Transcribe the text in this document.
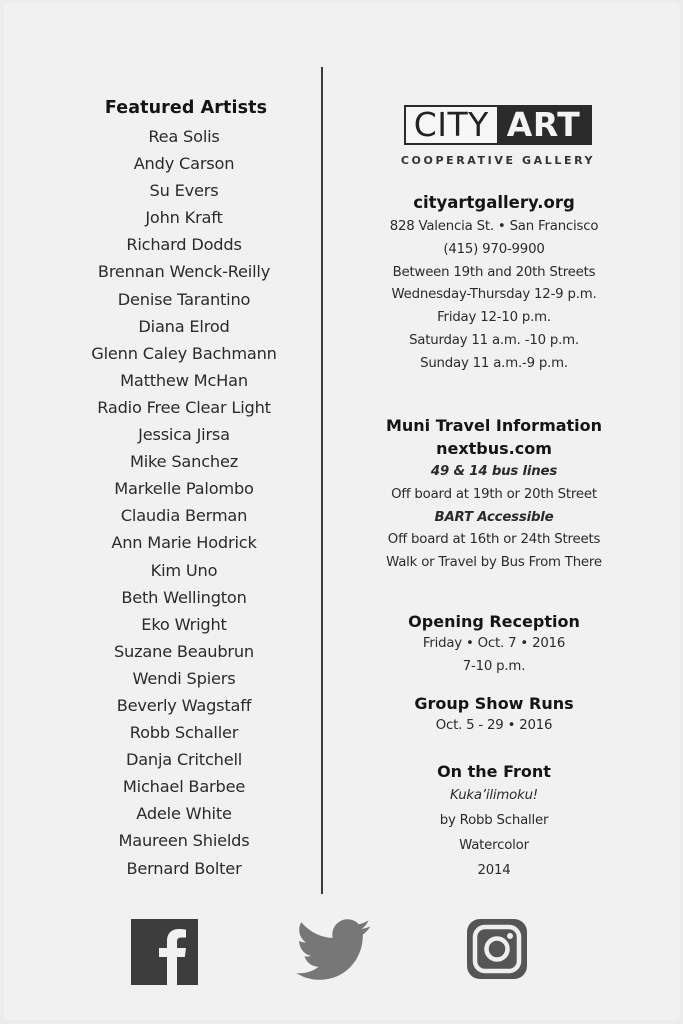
Featured Artists
Rea Solis
Andy Carson
Su Evers
John Kraft
Richard Dodds
Brennan Wenck-Reilly
Denise Tarantino
Diana Elrod
Glenn Caley Bachmann
Matthew McHan
Radio Free Clear Light
Jessica Jirsa
Mike Sanchez
Markelle Palombo
Claudia Berman
Ann Marie Hodrick
Kim Uno
Beth Wellington
Eko Wright
Suzane Beaubrun
Wendi Spiers
Beverly Wagstaff
Robb Schaller
Danja Critchell
Michael Barbee
Adele White
Maureen Shields
Bernard Bolter
CITY ART
COOPERATIVE GALLERY
cityartgallery.org
828 Valencia St. • San Francisco
(415) 970-9900
Between 19th and 20th Streets
Wednesday-Thursday 12-9 p.m.
Friday 12-10 p.m.
Saturday 11 a.m. -10 p.m.
Sunday 11 a.m.-9 p.m.
Muni Travel Information
nextbus.com
49 & 14 bus lines
Off board at 19th or 20th Street
BART Accessible
Off board at 16th or 24th Streets
Walk or Travel by Bus From There
Opening Reception
Friday • Oct. 7 • 2016
7-10 p.m.
Group Show Runs
Oct. 5 - 29 • 2016
On the Front
Kuka’ilimoku!
by Robb Schaller
Watercolor
2014
